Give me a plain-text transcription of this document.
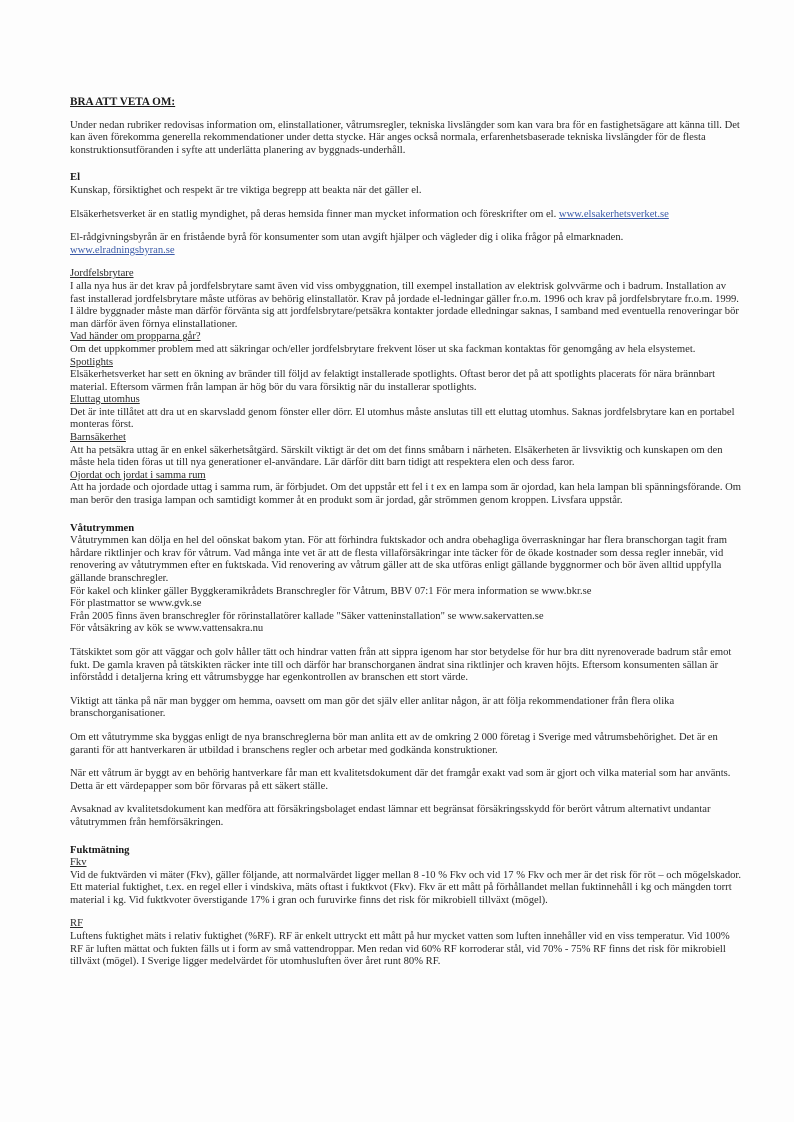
BRA ATT VETA OM:

Under nedan rubriker redovisas information om, elinstallationer, våtrumsregler, tekniska livslängder som kan vara bra för en fastighetsägare att känna till. Det kan även förekomma generella rekommendationer under detta stycke. Här anges också normala, erfarenhetsbaserade tekniska livslängder för de flesta konstruktionsutföranden i syfte att underlätta planering av byggnads-underhåll.

El

Kunskap, försiktighet och respekt är tre viktiga begrepp att beakta när det gäller el.

Elsäkerhetsverket är en statlig myndighet, på deras hemsida finner man mycket information och föreskrifter om el. www.elsakerhetsverket.se

El-rådgivningsbyrån är en fristående byrå för konsumenter som utan avgift hjälper och vägleder dig i olika frågor på elmarknaden.

www.elradningsbyran.se

Jordfelsbrytare

I alla nya hus är det krav på jordfelsbrytare samt även vid viss ombyggnation, till exempel installation av elektrisk golvvärme och i badrum. Installation av fast installerad jordfelsbrytare måste utföras av behörig elinstallatör. Krav på jordade el-ledningar gäller fr.o.m. 1996 och krav på jordfelsbrytare fr.o.m. 1999. I äldre byggnader måste man därför förvänta sig att jordfelsbrytare/petsäkra kontakter jordade elledningar saknas, I samband med eventuella renoveringar bör man därför även förnya elinstallationer.

Vad händer om propparna går?

Om det uppkommer problem med att säkringar och/eller jordfelsbrytare frekvent löser ut ska fackman kontaktas för genomgång av hela elsystemet.

Spotlights

Elsäkerhetsverket har sett en ökning av bränder till följd av felaktigt installerade spotlights. Oftast beror det på att spotlights placerats för nära brännbart material. Eftersom värmen från lampan är hög bör du vara försiktig när du installerar spotlights.

Eluttag utomhus

Det är inte tillåtet att dra ut en skarvsladd genom fönster eller dörr. El utomhus måste anslutas till ett eluttag utomhus. Saknas jordfelsbrytare kan en portabel monteras först.

Barnsäkerhet

Att ha petsäkra uttag är en enkel säkerhetsåtgärd. Särskilt viktigt är det om det finns småbarn i närheten. Elsäkerheten är livsviktig och kunskapen om den måste hela tiden föras ut till nya generationer el-användare. Lär därför ditt barn tidigt att respektera elen och dess faror.

Ojordat och jordat i samma rum

Att ha jordade och ojordade uttag i samma rum, är förbjudet. Om det uppstår ett fel i t ex en lampa som är ojordad, kan hela lampan bli spänningsförande. Om man berör den trasiga lampan och samtidigt kommer åt en produkt som är jordad, går strömmen genom kroppen. Livsfara uppstår.

Våtutrymmen

Våtutrymmen kan dölja en hel del oönskat bakom ytan. För att förhindra fuktskador och andra obehagliga överraskningar har flera branschorgan tagit fram hårdare riktlinjer och krav för våtrum. Vad många inte vet är att de flesta villaförsäkringar inte täcker för de ökade kostnader som dessa regler innebär, vid renovering av våtutrymmen efter en fuktskada. Vid renovering av våtrum gäller att de ska utföras enligt gällande byggnormer och bör även alltid uppfylla gällande branschregler.

För kakel och klinker gäller Byggkeramikrådets Branschregler för Våtrum, BBV 07:1 För mera information se www.bkr.se

För plastmattor se www.gvk.se

Från 2005 finns även branschregler för rörinstallatörer kallade "Säker vatteninstallation" se www.sakervatten.se

För våtsäkring av kök se www.vattensakra.nu

Tätskiktet som gör att väggar och golv håller tätt och hindrar vatten från att sippra igenom har stor betydelse för hur bra ditt nyrenoverade badrum står emot fukt. De gamla kraven på tätskikten räcker inte till och därför har branschorganen ändrat sina riktlinjer och kraven höjts. Eftersom konsumenten sällan är införstådd i detaljerna kring ett våtrumsbygge har egenkontrollen av branschen ett stort värde.

Viktigt att tänka på när man bygger om hemma, oavsett om man gör det själv eller anlitar någon, är att följa rekommendationer från flera olika branschorganisationer.

Om ett våtutrymme ska byggas enligt de nya branschreglerna bör man anlita ett av de omkring 2 000 företag i Sverige med våtrumsbehörighet. Det är en garanti för att hantverkaren är utbildad i branschens regler och arbetar med godkända konstruktioner.

När ett våtrum är byggt av en behörig hantverkare får man ett kvalitetsdokument där det framgår exakt vad som är gjort och vilka material som har använts. Detta är ett värdepapper som bör förvaras på ett säkert ställe.

Avsaknad av kvalitetsdokument kan medföra att försäkringsbolaget endast lämnar ett begränsat försäkringsskydd för berört våtrum alternativt undantar våtutrymmen från hemförsäkringen.

Fuktmätning
Fkv

Vid de fuktvärden vi mäter (Fkv), gäller följande, att normalvärdet ligger mellan 8 -10 % Fkv och vid 17 % Fkv och mer är det risk för röt – och mögelskador.

Ett material fuktighet, t.ex. en regel eller i vindskiva, mäts oftast i fuktkvot (Fkv). Fkv är ett mått på förhållandet mellan fuktinnehåll i kg och mängden torrt material i kg. Vid fuktkvoter överstigande 17% i gran och furuvirke finns det risk för mikrobiell tillväxt (mögel).

RF

Luftens fuktighet mäts i relativ fuktighet (%RF). RF är enkelt uttryckt ett mått på hur mycket vatten som luften innehåller vid en viss temperatur. Vid 100% RF är luften mättat och fukten fälls ut i form av små vattendroppar. Men redan vid 60% RF korroderar stål, vid 70% - 75% RF finns det risk för mikrobiell tillväxt (mögel). I Sverige ligger medelvärdet för utomhusluften över året runt 80% RF.
